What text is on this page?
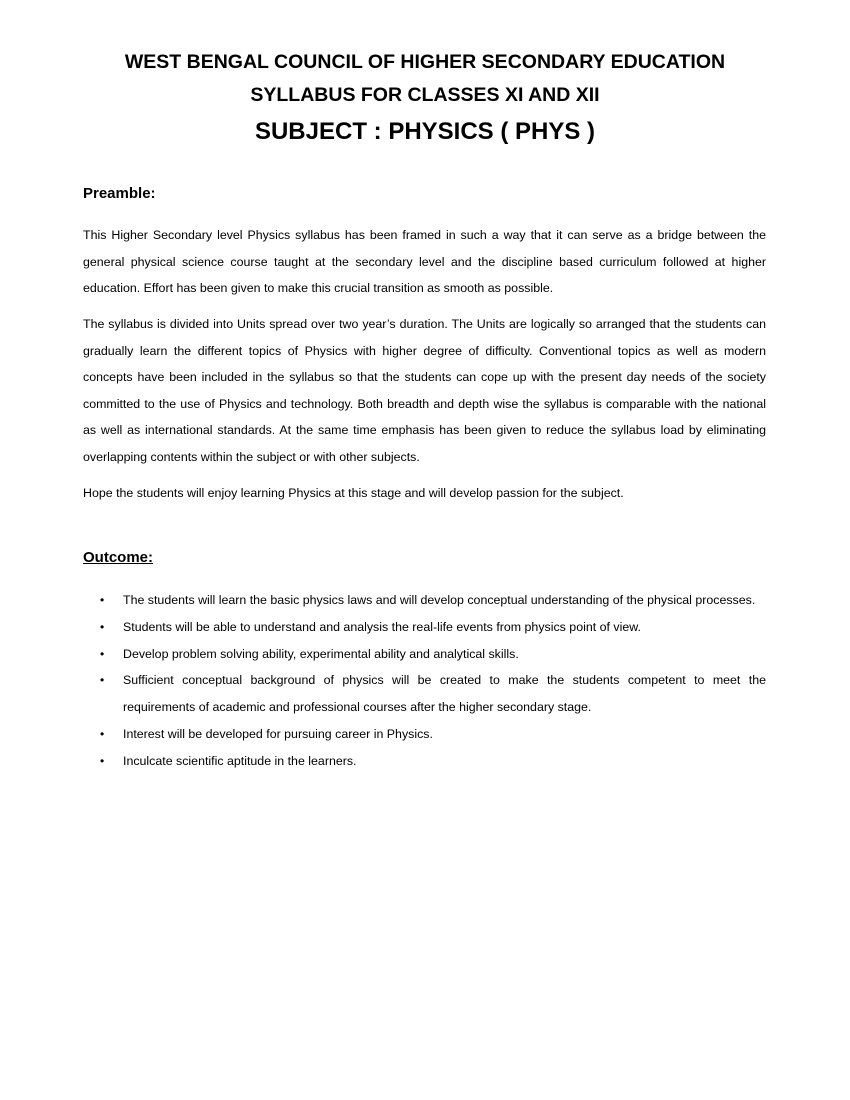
WEST BENGAL COUNCIL OF HIGHER SECONDARY EDUCATION
SYLLABUS FOR CLASSES XI AND XII
SUBJECT : PHYSICS ( PHYS )
Preamble:

This Higher Secondary level Physics syllabus has been framed in such a way that it can serve as a bridge between the general physical science course taught at the secondary level and the discipline based curriculum followed at higher education. Effort has been given to make this crucial transition as smooth as possible.

The syllabus is divided into Units spread over two year’s duration. The Units are logically so arranged that the students can gradually learn the different topics of Physics with higher degree of difficulty. Conventional topics as well as modern concepts have been included in the syllabus so that the students can cope up with the present day needs of the society committed to the use of Physics and technology. Both breadth and depth wise the syllabus is comparable with the national as well as international standards. At the same time emphasis has been given to reduce the syllabus load by eliminating overlapping contents within the subject or with other subjects.

Hope the students will enjoy learning Physics at this stage and will develop passion for the subject.

Outcome:
• The students will learn the basic physics laws and will develop conceptual understanding of the physical processes.
• Students will be able to understand and analysis the real-life events from physics point of view.
• Develop problem solving ability, experimental ability and analytical skills.
• Sufficient conceptual background of physics will be created to make the students competent to meet the requirements of academic and professional courses after the higher secondary stage.
• Interest will be developed for pursuing career in Physics.
• Inculcate scientific aptitude in the learners.
